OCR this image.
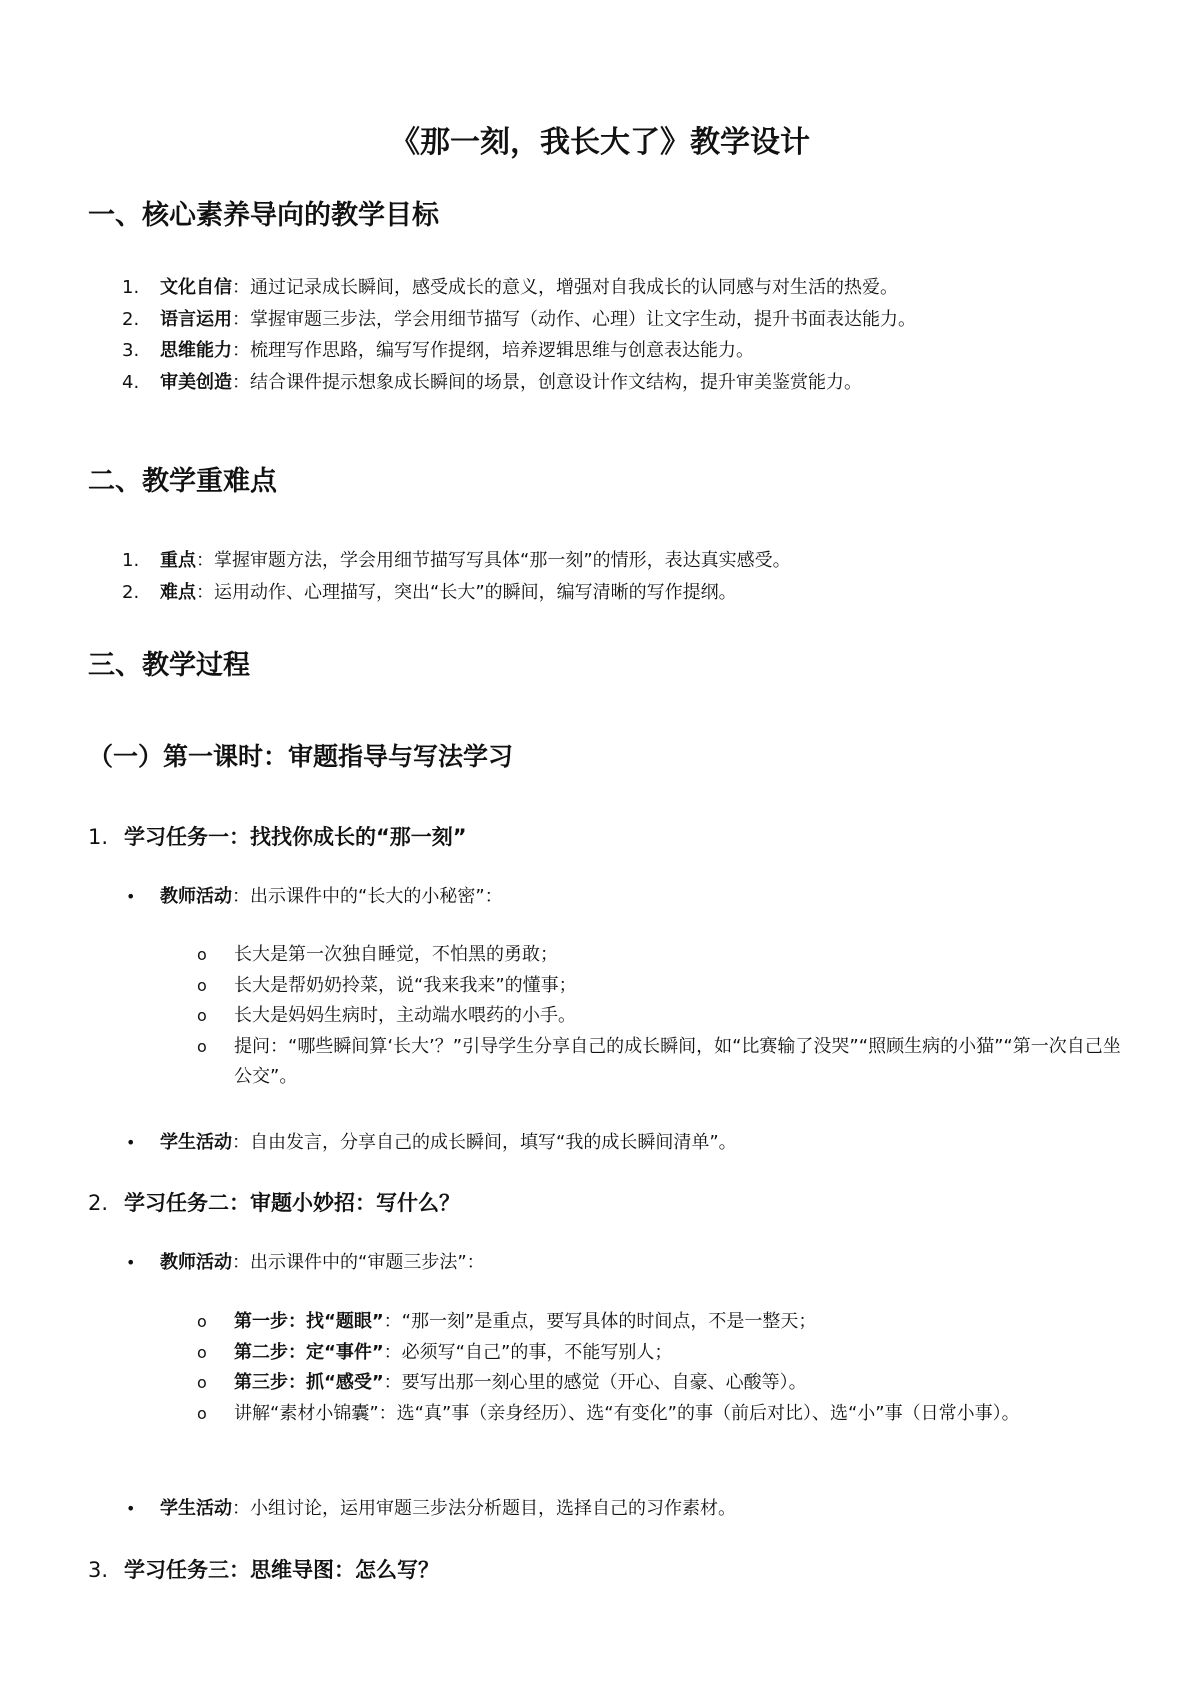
《那一刻，我长大了》教学设计
一、核心素养导向的教学目标
1. 文化自信：通过记录成长瞬间，感受成长的意义，增强对自我成长的认同感与对生活的热爱。
2. 语言运用：掌握审题三步法，学会用细节描写（动作、心理）让文字生动，提升书面表达能力。
3. 思维能力：梳理写作思路，编写写作提纲，培养逻辑思维与创意表达能力。
4. 审美创造：结合课件提示想象成长瞬间的场景，创意设计作文结构，提升审美鉴赏能力。
二、教学重难点
1. 重点：掌握审题方法，学会用细节描写写具体“那一刻”的情形，表达真实感受。
2. 难点：运用动作、心理描写，突出“长大”的瞬间，编写清晰的写作提纲。
三、教学过程
（一）第一课时：审题指导与写法学习
1. 学习任务一：找找你成长的“那一刻”
• 教师活动：出示课件中的“长大的小秘密”：
o 长大是第一次独自睡觉，不怕黑的勇敢；
o 长大是帮奶奶拎菜，说“我来我来”的懂事；
o 长大是妈妈生病时，主动端水喂药的小手。
o 提问：“哪些瞬间算‘长大’？”引导学生分享自己的成长瞬间，如“比赛输了没哭”“照顾生病的小猫”“第一次自己坐公交”。
• 学生活动：自由发言，分享自己的成长瞬间，填写“我的成长瞬间清单”。
2. 学习任务二：审题小妙招：写什么？
• 教师活动：出示课件中的“审题三步法”：
o 第一步：找“题眼”：“那一刻”是重点，要写具体的时间点，不是一整天；
o 第二步：定“事件”：必须写“自己”的事，不能写别人；
o 第三步：抓“感受”：要写出那一刻心里的感觉（开心、自豪、心酸等）。
o 讲解“素材小锦囊”：选“真”事（亲身经历）、选“有变化”的事（前后对比）、选“小”事（日常小事）。
• 学生活动：小组讨论，运用审题三步法分析题目，选择自己的习作素材。
3. 学习任务三：思维导图：怎么写？
